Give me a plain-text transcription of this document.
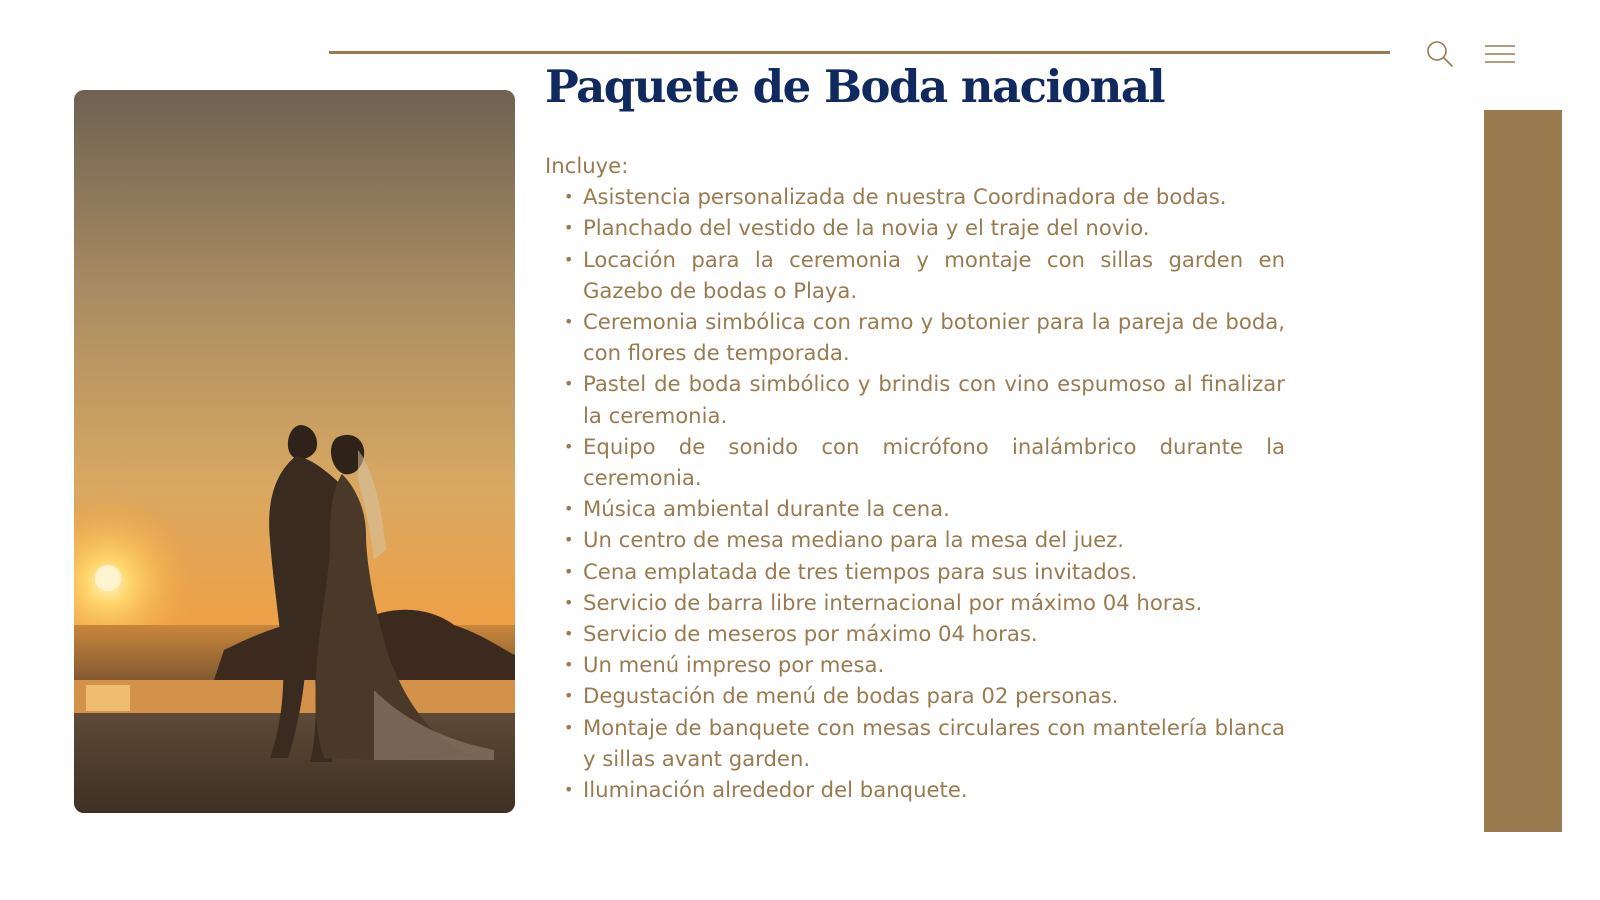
Paquete de Boda nacional

Incluye:

• Asistencia personalizada de nuestra Coordinadora de bodas.
• Planchado del vestido de la novia y el traje del novio.
• Locación para la ceremonia y montaje con sillas garden en Gazebo de bodas o Playa.
• Ceremonia simbólica con ramo y botonier para la pareja de boda, con flores de temporada.
• Pastel de boda simbólico y brindis con vino espumoso al finalizar la ceremonia.
• Equipo de sonido con micrófono inalámbrico durante la ceremonia.
• Música ambiental durante la cena.
• Un centro de mesa mediano para la mesa del juez.
• Cena emplatada de tres tiempos para sus invitados.
• Servicio de barra libre internacional por máximo 04 horas.
• Servicio de meseros por máximo 04 horas.
• Un menú impreso por mesa.
• Degustación de menú de bodas para 02 personas.
• Montaje de banquete con mesas circulares con mantelería blanca y sillas avant garden.
• Iluminación alrededor del banquete.
